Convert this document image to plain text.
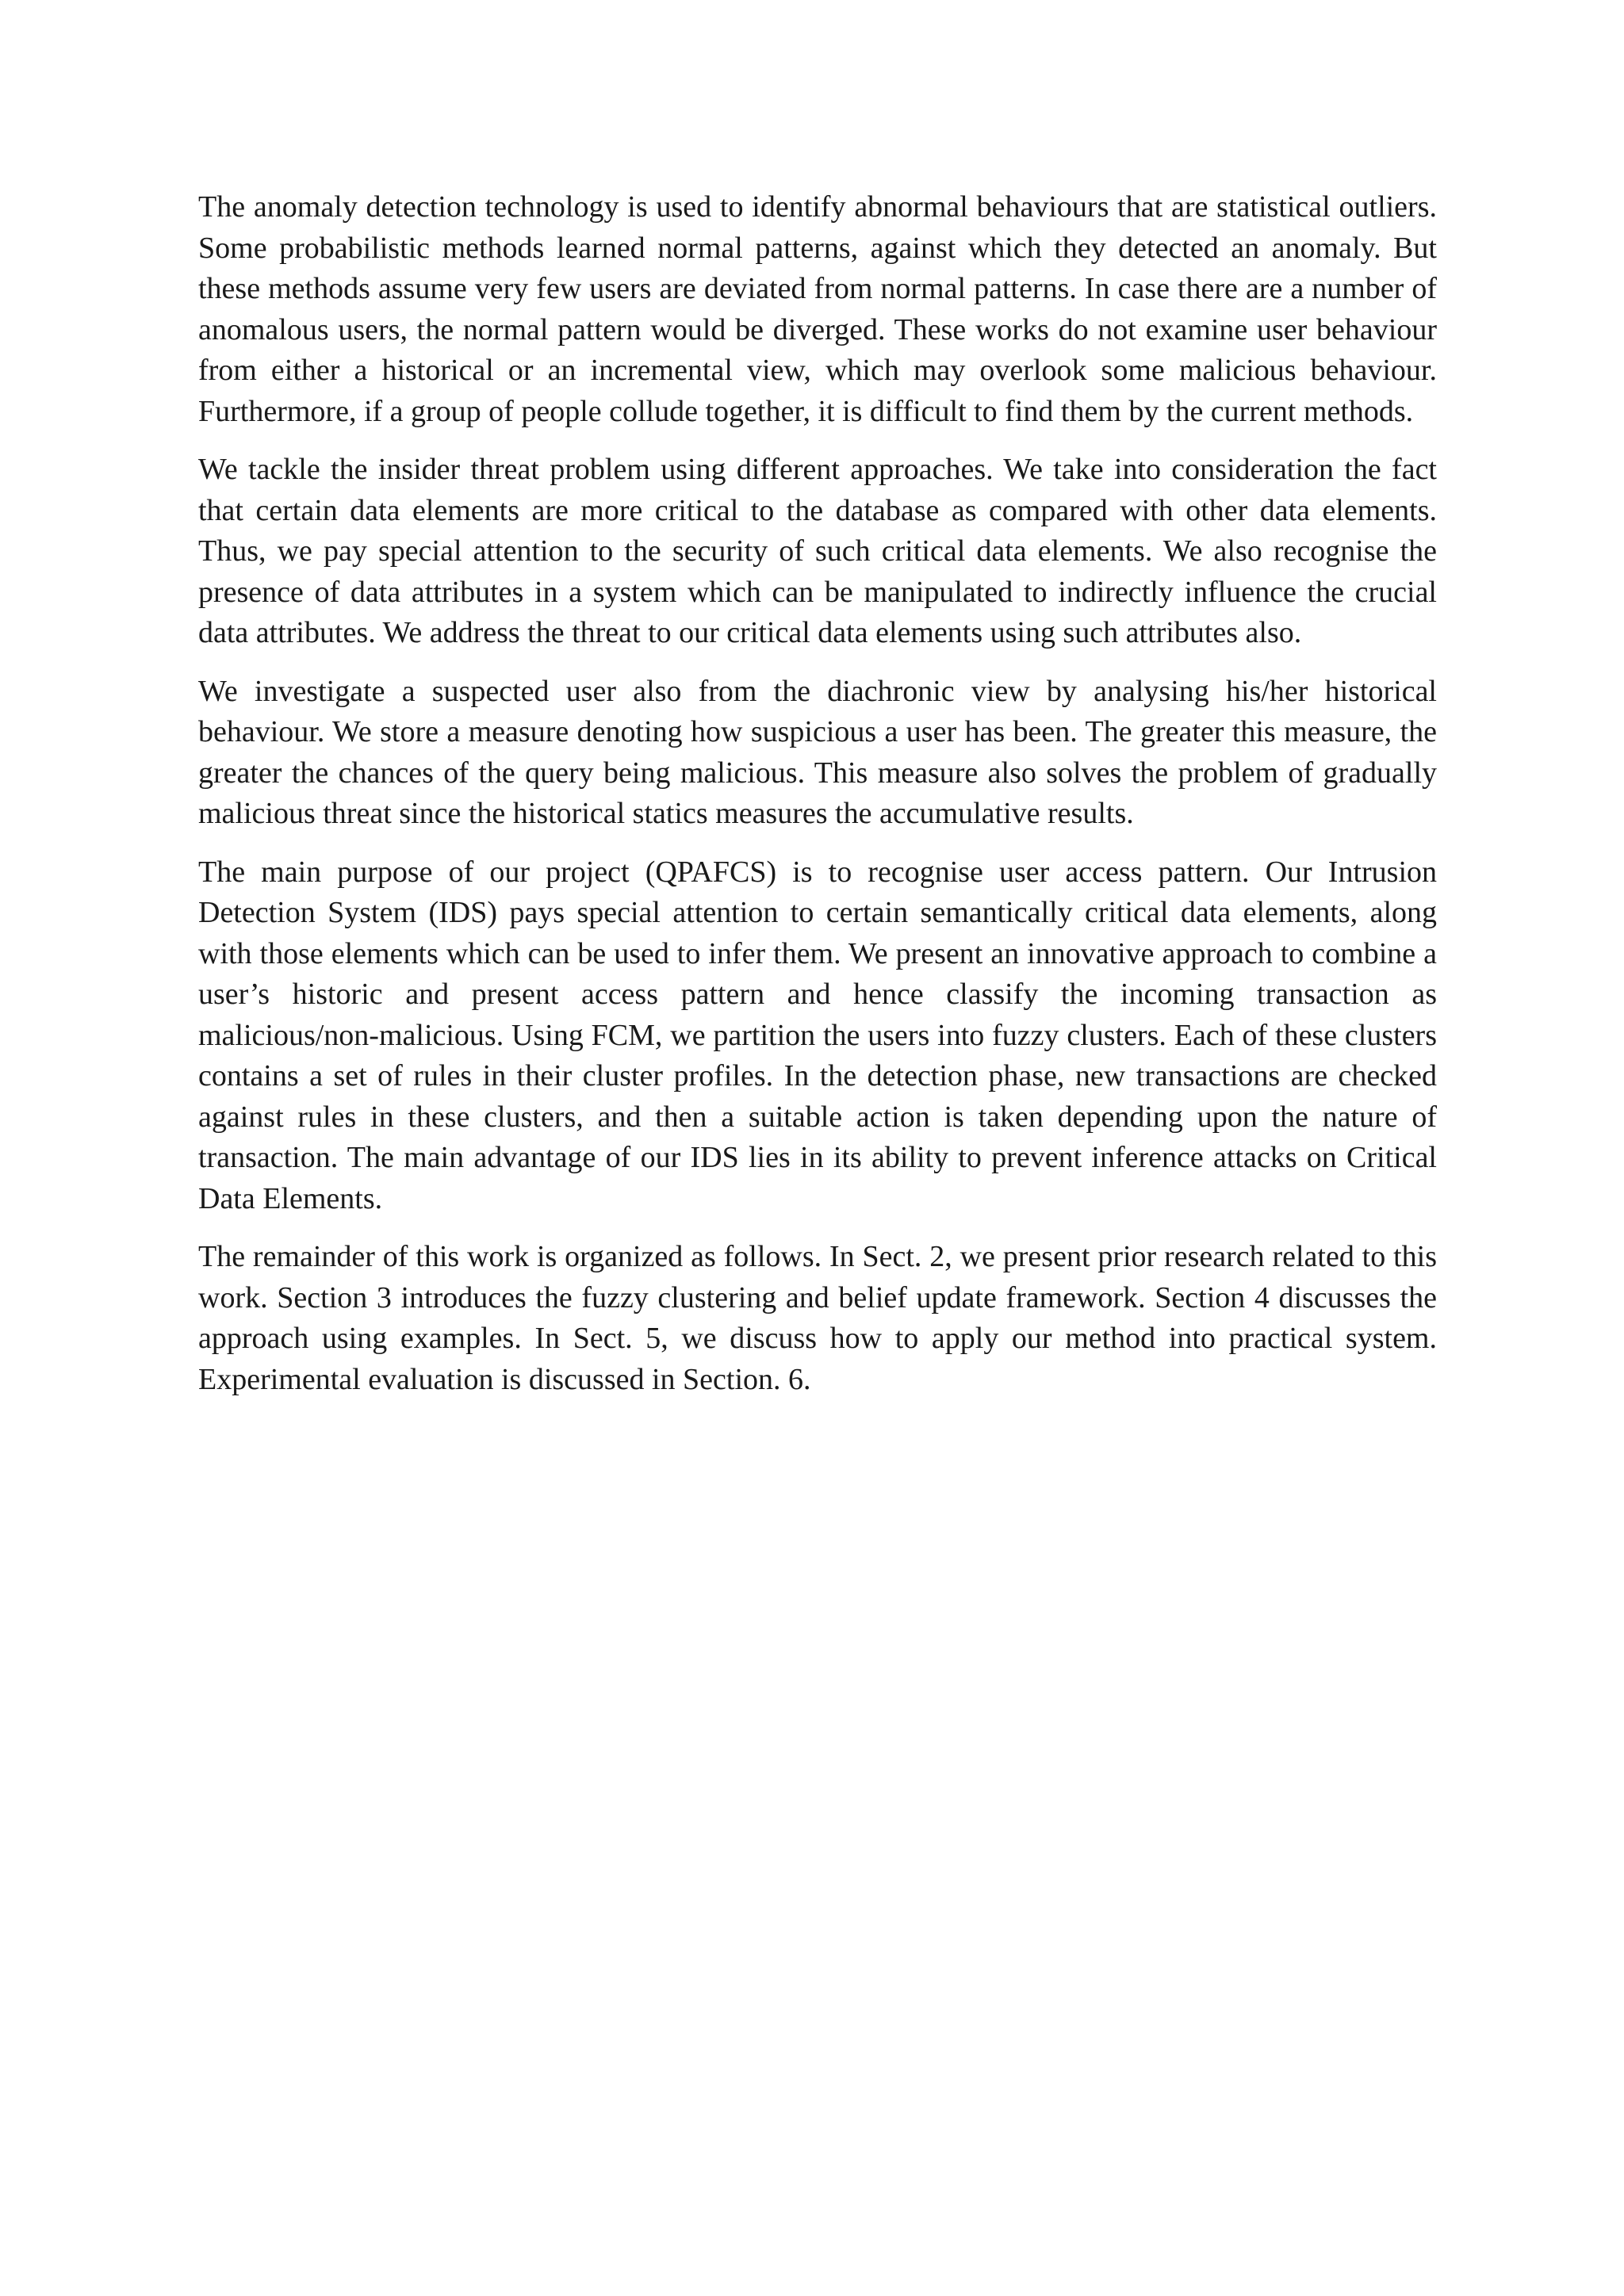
The anomaly detection technology is used to identify abnormal behaviours that are statistical outliers. Some probabilistic methods learned normal patterns, against which they detected an anomaly. But these methods assume very few users are deviated from normal patterns. In case there are a number of anomalous users, the normal pattern would be diverged. These works do not examine user behaviour from either a historical or an incremental view, which may overlook some malicious behaviour. Furthermore, if a group of people collude together, it is difficult to find them by the current methods.

We tackle the insider threat problem using different approaches. We take into consideration the fact that certain data elements are more critical to the database as compared with other data elements. Thus, we pay special attention to the security of such critical data elements. We also recognise the presence of data attributes in a system which can be manipulated to indirectly influence the crucial data attributes. We address the threat to our critical data elements using such attributes also.

We investigate a suspected user also from the diachronic view by analysing his/her historical behaviour. We store a measure denoting how suspicious a user has been. The greater this measure, the greater the chances of the query being malicious. This measure also solves the problem of gradually malicious threat since the historical statics measures the accumulative results.

The main purpose of our project (QPAFCS) is to recognise user access pattern. Our Intrusion Detection System (IDS) pays special attention to certain semantically critical data elements, along with those elements which can be used to infer them. We present an innovative approach to combine a user’s historic and present access pattern and hence classify the incoming transaction as malicious/non-malicious. Using FCM, we partition the users into fuzzy clusters. Each of these clusters contains a set of rules in their cluster profiles. In the detection phase, new transactions are checked against rules in these clusters, and then a suitable action is taken depending upon the nature of transaction. The main advantage of our IDS lies in its ability to prevent inference attacks on Critical Data Elements.

The remainder of this work is organized as follows. In Sect. 2, we present prior research related to this work. Section 3 introduces the fuzzy clustering and belief update framework. Section 4 discusses the approach using examples. In Sect. 5, we discuss how to apply our method into practical system. Experimental evaluation is discussed in Section. 6.
